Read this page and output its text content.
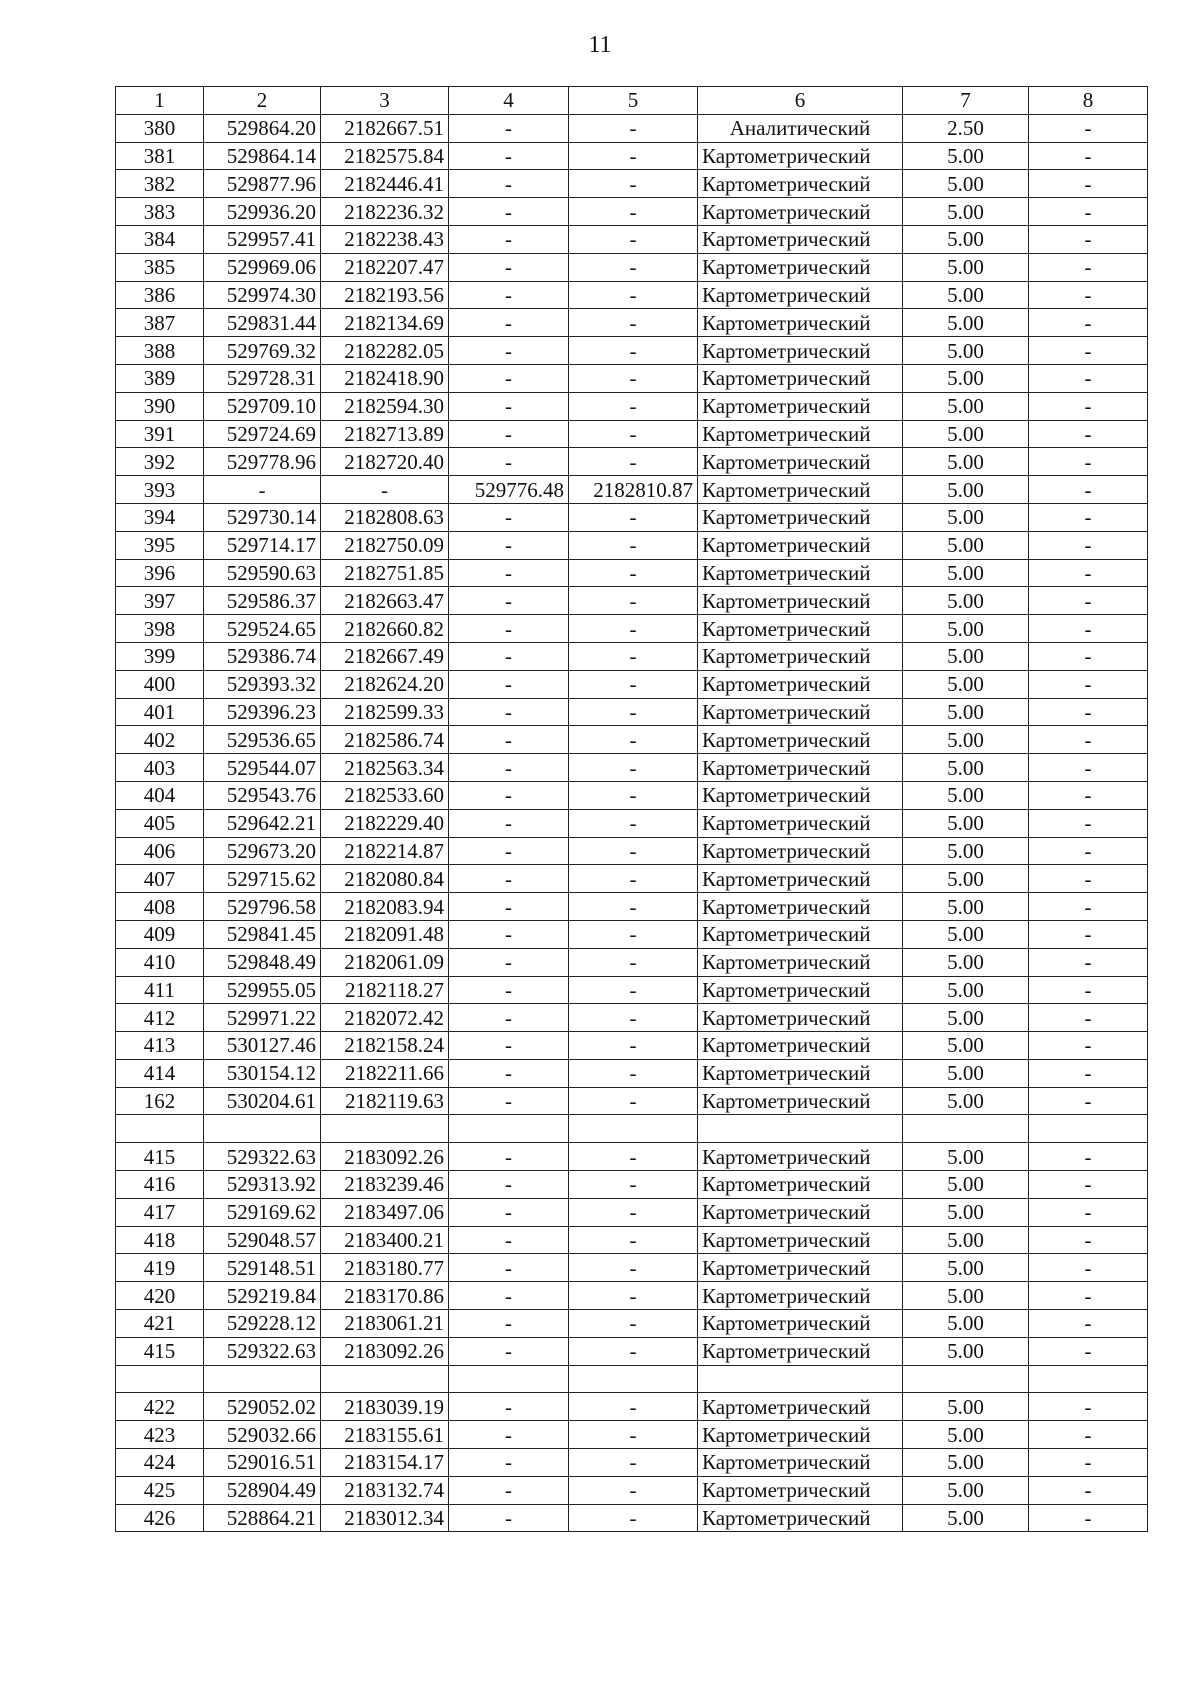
11
1	2	3	4	5	6	7	8
380	529864.20	2182667.51	-	-	Аналитический	2.50	-
381	529864.14	2182575.84	-	-	Картометрический	5.00	-
382	529877.96	2182446.41	-	-	Картометрический	5.00	-
383	529936.20	2182236.32	-	-	Картометрический	5.00	-
384	529957.41	2182238.43	-	-	Картометрический	5.00	-
385	529969.06	2182207.47	-	-	Картометрический	5.00	-
386	529974.30	2182193.56	-	-	Картометрический	5.00	-
387	529831.44	2182134.69	-	-	Картометрический	5.00	-
388	529769.32	2182282.05	-	-	Картометрический	5.00	-
389	529728.31	2182418.90	-	-	Картометрический	5.00	-
390	529709.10	2182594.30	-	-	Картометрический	5.00	-
391	529724.69	2182713.89	-	-	Картометрический	5.00	-
392	529778.96	2182720.40	-	-	Картометрический	5.00	-
393	-	-	529776.48	2182810.87	Картометрический	5.00	-
394	529730.14	2182808.63	-	-	Картометрический	5.00	-
395	529714.17	2182750.09	-	-	Картометрический	5.00	-
396	529590.63	2182751.85	-	-	Картометрический	5.00	-
397	529586.37	2182663.47	-	-	Картометрический	5.00	-
398	529524.65	2182660.82	-	-	Картометрический	5.00	-
399	529386.74	2182667.49	-	-	Картометрический	5.00	-
400	529393.32	2182624.20	-	-	Картометрический	5.00	-
401	529396.23	2182599.33	-	-	Картометрический	5.00	-
402	529536.65	2182586.74	-	-	Картометрический	5.00	-
403	529544.07	2182563.34	-	-	Картометрический	5.00	-
404	529543.76	2182533.60	-	-	Картометрический	5.00	-
405	529642.21	2182229.40	-	-	Картометрический	5.00	-
406	529673.20	2182214.87	-	-	Картометрический	5.00	-
407	529715.62	2182080.84	-	-	Картометрический	5.00	-
408	529796.58	2182083.94	-	-	Картометрический	5.00	-
409	529841.45	2182091.48	-	-	Картометрический	5.00	-
410	529848.49	2182061.09	-	-	Картометрический	5.00	-
411	529955.05	2182118.27	-	-	Картометрический	5.00	-
412	529971.22	2182072.42	-	-	Картометрический	5.00	-
413	530127.46	2182158.24	-	-	Картометрический	5.00	-
414	530154.12	2182211.66	-	-	Картометрический	5.00	-
162	530204.61	2182119.63	-	-	Картометрический	5.00	-

415	529322.63	2183092.26	-	-	Картометрический	5.00	-
416	529313.92	2183239.46	-	-	Картометрический	5.00	-
417	529169.62	2183497.06	-	-	Картометрический	5.00	-
418	529048.57	2183400.21	-	-	Картометрический	5.00	-
419	529148.51	2183180.77	-	-	Картометрический	5.00	-
420	529219.84	2183170.86	-	-	Картометрический	5.00	-
421	529228.12	2183061.21	-	-	Картометрический	5.00	-
415	529322.63	2183092.26	-	-	Картометрический	5.00	-

422	529052.02	2183039.19	-	-	Картометрический	5.00	-
423	529032.66	2183155.61	-	-	Картометрический	5.00	-
424	529016.51	2183154.17	-	-	Картометрический	5.00	-
425	528904.49	2183132.74	-	-	Картометрический	5.00	-
426	528864.21	2183012.34	-	-	Картометрический	5.00	-
